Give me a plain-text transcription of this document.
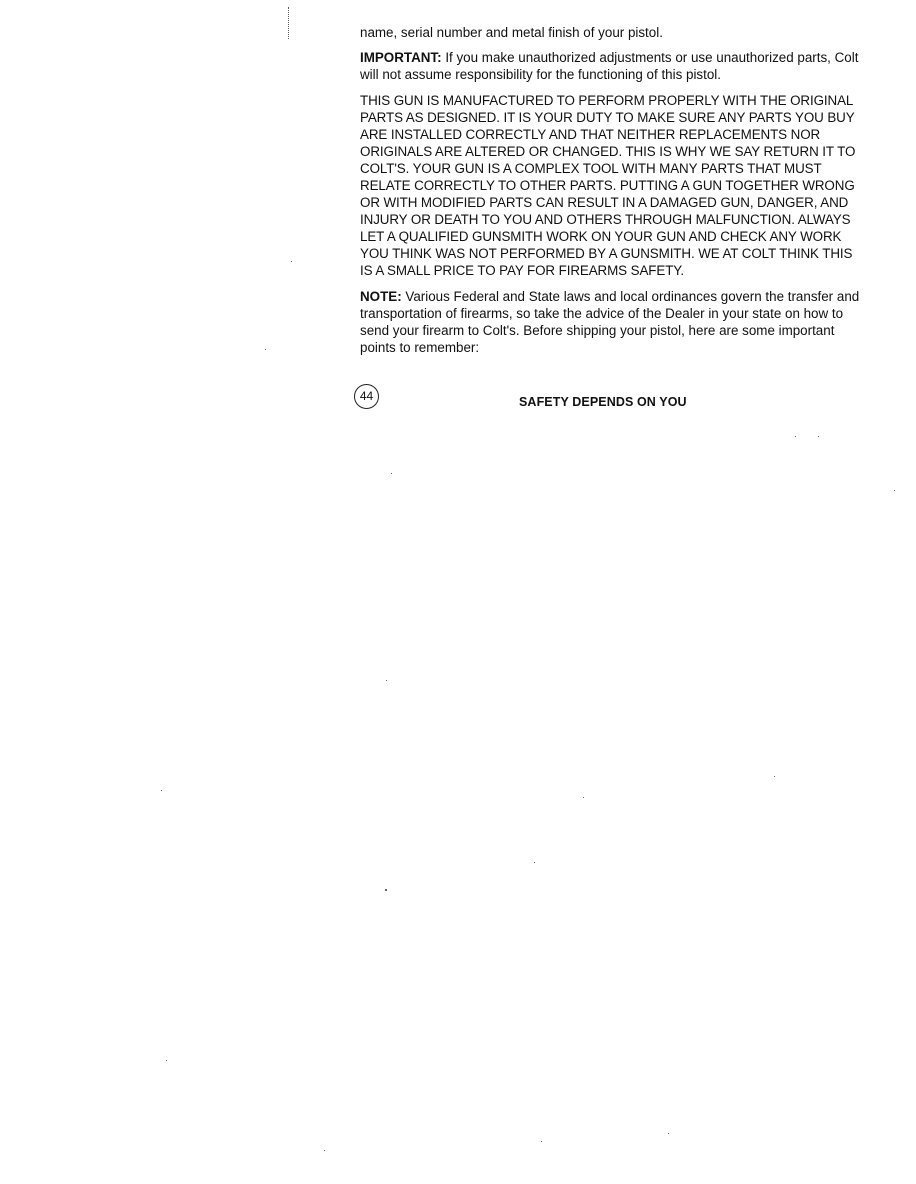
name, serial number and metal finish of your pistol.

IMPORTANT: If you make unauthorized adjustments or use unauthorized parts, Colt will not assume responsibility for the functioning of this pistol.

THIS GUN IS MANUFACTURED TO PERFORM PROPERLY WITH THE ORIGINAL PARTS AS DESIGNED. IT IS YOUR DUTY TO MAKE SURE ANY PARTS YOU BUY ARE INSTALLED CORRECTLY AND THAT NEITHER REPLACEMENTS NOR ORIGINALS ARE ALTERED OR CHANGED. THIS IS WHY WE SAY RETURN IT TO COLT'S. YOUR GUN IS A COMPLEX TOOL WITH MANY PARTS THAT MUST RELATE CORRECTLY TO OTHER PARTS. PUTTING A GUN TOGETHER WRONG OR WITH MODIFIED PARTS CAN RESULT IN A DAMAGED GUN, DANGER, AND INJURY OR DEATH TO YOU AND OTHERS THROUGH MALFUNCTION. ALWAYS LET A QUALIFIED GUNSMITH WORK ON YOUR GUN AND CHECK ANY WORK YOU THINK WAS NOT PERFORMED BY A GUNSMITH. WE AT COLT THINK THIS IS A SMALL PRICE TO PAY FOR FIREARMS SAFETY.

NOTE: Various Federal and State laws and local ordinances govern the transfer and transportation of firearms, so take the advice of the Dealer in your state on how to send your firearm to Colt's. Before shipping your pistol, here are some important points to remember:

44	SAFETY DEPENDS ON YOU
